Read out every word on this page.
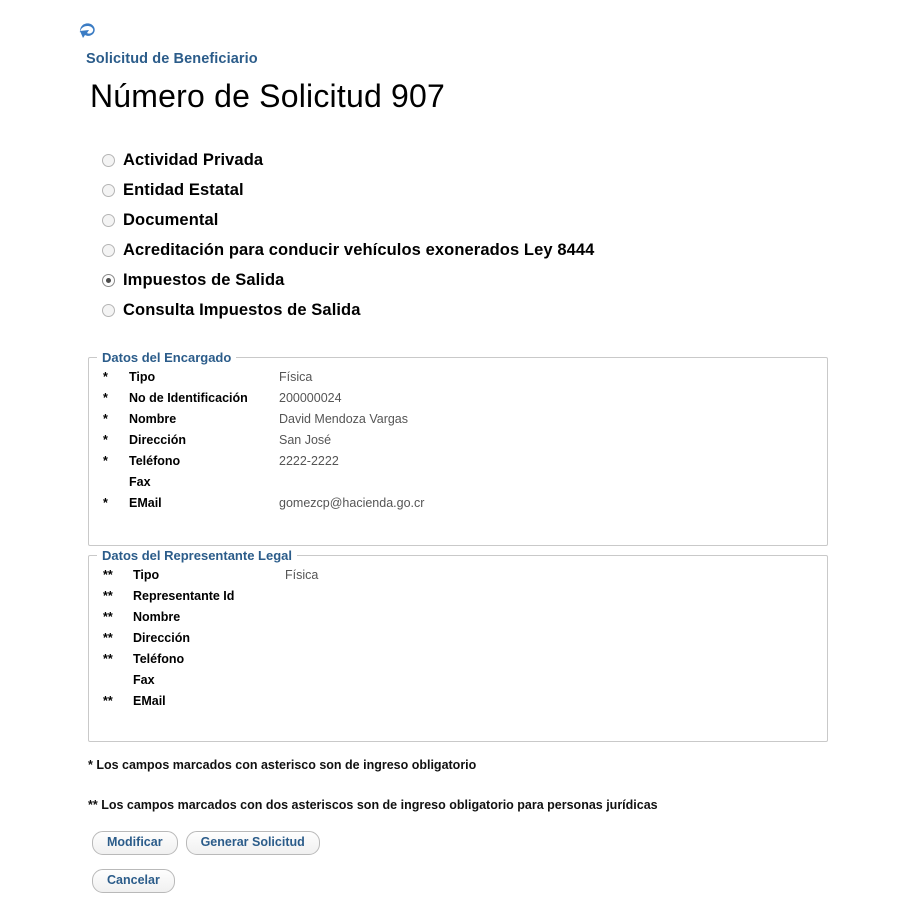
Solicitud de Beneficiario
Número de Solicitud 907
Actividad Privada
Entidad Estatal
Documental
Acreditación para conducir vehículos exonerados Ley 8444
Impuestos de Salida
Consulta Impuestos de Salida
Datos del Encargado
*	Tipo	Física
*	No de Identificación	200000024
*	Nombre	David Mendoza Vargas
*	Dirección	San José
*	Teléfono	2222-2222
	Fax	
*	EMail	gomezcp@hacienda.go.cr
Datos del Representante Legal
**	Tipo	Física
**	Representante Id	
**	Nombre	
**	Dirección	
**	Teléfono	
	Fax	
**	EMail	
* Los campos marcados con asterisco son de ingreso obligatorio
** Los campos marcados con dos asteriscos son de ingreso obligatorio para personas jurídicas
Modificar	Generar Solicitud
Cancelar
